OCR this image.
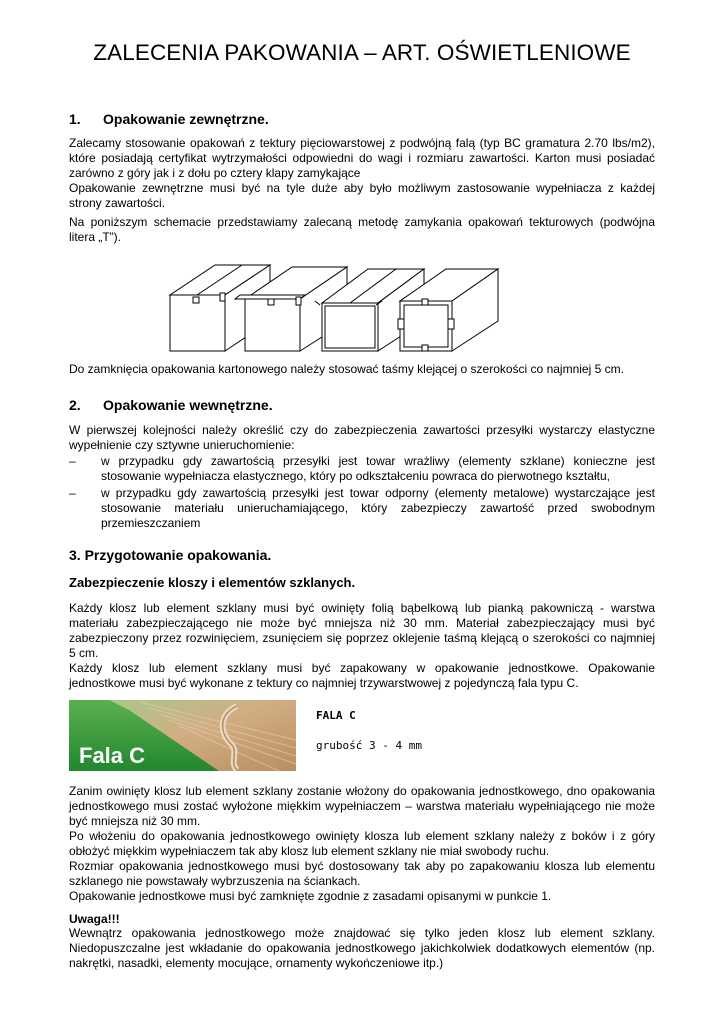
ZALECENIA PAKOWANIA – ART. OŚWIETLENIOWE
1. Opakowanie zewnętrzne.
Zalecamy stosowanie opakowań z tektury pięciowarstowej z podwójną falą (typ BC gramatura 2.70 lbs/m2),
które posiadają certyfikat wytrzymałości odpowiedni do wagi i rozmiaru zawartości. Karton musi posiadać
zarówno z góry jak i z dołu po cztery klapy zamykające
Opakowanie zewnętrzne musi być na tyle duże aby było możliwym zastosowanie wypełniacza z każdej
strony zawartości.
Na poniższym schemacie przedstawiamy zalecaną metodę zamykania opakowań tekturowych (podwójna
litera „T”).
Do zamknięcia opakowania kartonowego należy stosować taśmy klejącej o szerokości co najmniej 5 cm.
2. Opakowanie wewnętrzne.
W pierwszej kolejności należy określić czy do zabezpieczenia zawartości przesyłki wystarczy elastyczne
wypełnienie czy sztywne unieruchomienie:
–	w przypadku gdy zawartością przesyłki jest towar wrażliwy (elementy szklane) konieczne jest
stosowanie wypełniacza elastycznego, który po odkształceniu powraca do pierwotnego kształtu,
–	w przypadku gdy zawartością przesyłki jest towar odporny (elementy metalowe) wystarczające jest
stosowanie materiału unieruchamiającego, który zabezpieczy zawartość przed swobodnym
przemieszczaniem
3. Przygotowanie opakowania.
Zabezpieczenie kloszy i elementów szklanych.
Każdy klosz lub element szklany musi być owinięty folią bąbelkową lub pianką pakowniczą - warstwa
materiału zabezpieczającego nie może być mniejsza niż 30 mm. Materiał zabezpieczający musi być
zabezpieczony przez rozwinięciem, zsunięciem się poprzez oklejenie taśmą klejącą o szerokości co najmniej
5 cm.
Każdy klosz lub element szklany musi być zapakowany w opakowanie jednostkowe. Opakowanie
jednostkowe musi być wykonane z tektury co najmniej trzywarstwowej z pojedynczą fala typu C.
Fala C
FALA C
grubość 3 - 4 mm
Zanim owinięty klosz lub element szklany zostanie włożony do opakowania jednostkowego, dno opakowania
jednostkowego musi zostać wyłożone miękkim wypełniaczem – warstwa materiału wypełniającego nie może
być mniejsza niż 30 mm.
Po włożeniu do opakowania jednostkowego owinięty klosza lub element szklany należy z boków i z góry
obłożyć miękkim wypełniaczem tak aby klosz lub element szklany nie miał swobody ruchu.
Rozmiar opakowania jednostkowego musi być dostosowany tak aby po zapakowaniu klosza lub elementu
szklanego nie powstawały wybrzuszenia na ściankach.
Opakowanie jednostkowe musi być zamknięte zgodnie z zasadami opisanymi w punkcie 1.
Uwaga!!!
Wewnątrz opakowania jednostkowego może znajdować się tylko jeden klosz lub element szklany.
Niedopuszczalne jest wkładanie do opakowania jednostkowego jakichkolwiek dodatkowych elementów (np.
nakrętki, nasadki, elementy mocujące, ornamenty wykończeniowe itp.)
